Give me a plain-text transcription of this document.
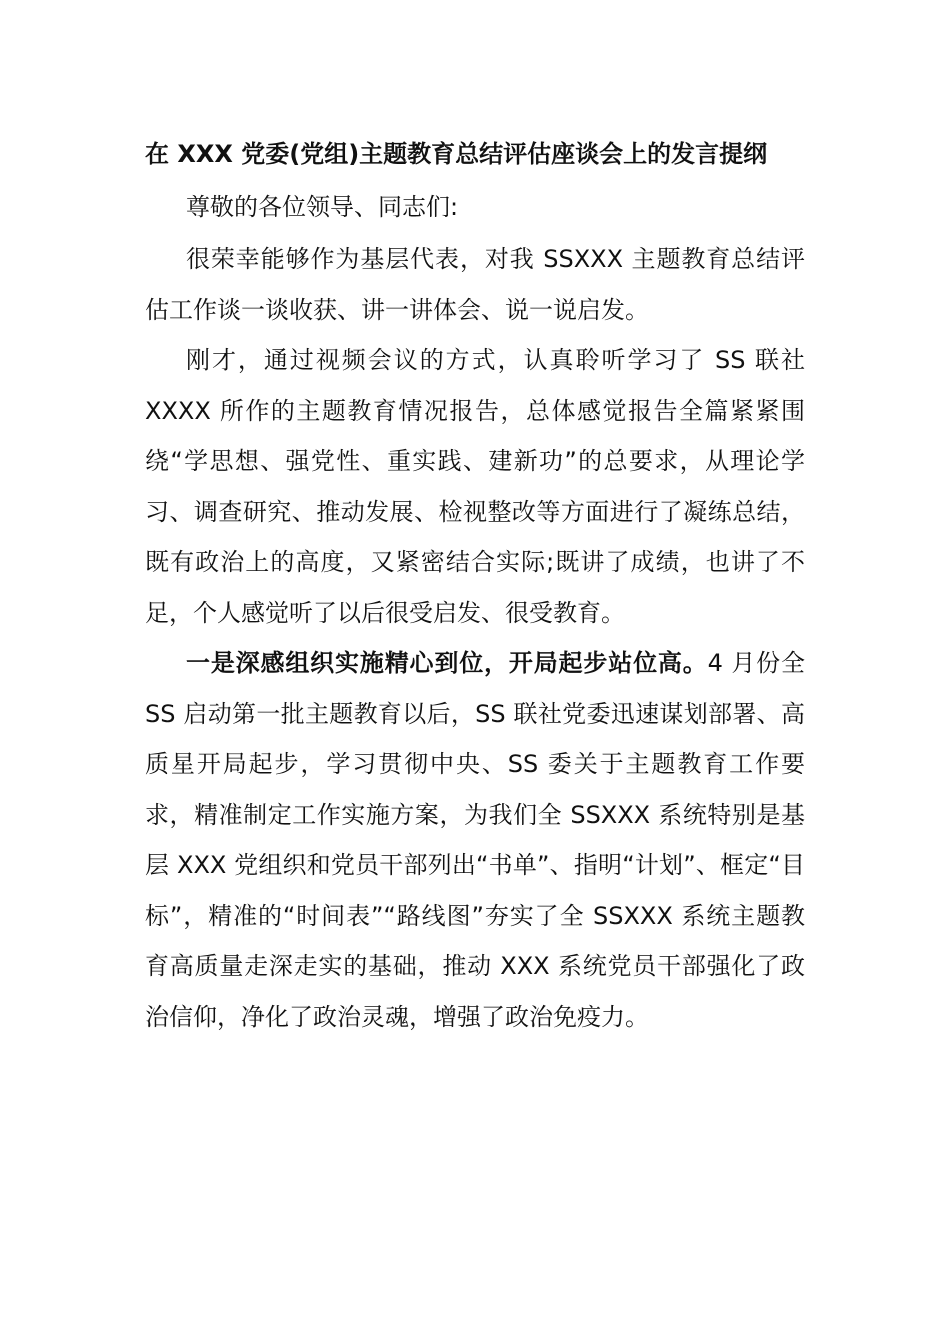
在 XXX 党委(党组)主题教育总结评估座谈会上的发言提纲
尊敬的各位领导、同志们:
很荣幸能够作为基层代表，对我 SSXXX 主题教育总结评估工作谈一谈收获、讲一讲体会、说一说启发。
刚才，通过视频会议的方式，认真聆听学习了 SS 联社 XXXX 所作的主题教育情况报告，总体感觉报告全篇紧紧围绕“学思想、强党性、重实践、建新功”的总要求，从理论学习、调查研究、推动发展、检视整改等方面进行了凝练总结，既有政治上的高度，又紧密结合实际;既讲了成绩，也讲了不足，个人感觉听了以后很受启发、很受教育。
一是深感组织实施精心到位，开局起步站位高。4 月份全 SS 启动第一批主题教育以后，SS 联社党委迅速谋划部署、高质星开局起步，学习贯彻中央、SS 委关于主题教育工作要求，精准制定工作实施方案，为我们全 SSXXX 系统特别是基层 XXX 党组织和党员干部列出“书单”、指明“计划”、框定“目标”，精准的“时间表”“路线图”夯实了全 SSXXX 系统主题教育高质量走深走实的基础，推动 XXX 系统党员干部强化了政治信仰，净化了政治灵魂，增强了政治免疫力。
